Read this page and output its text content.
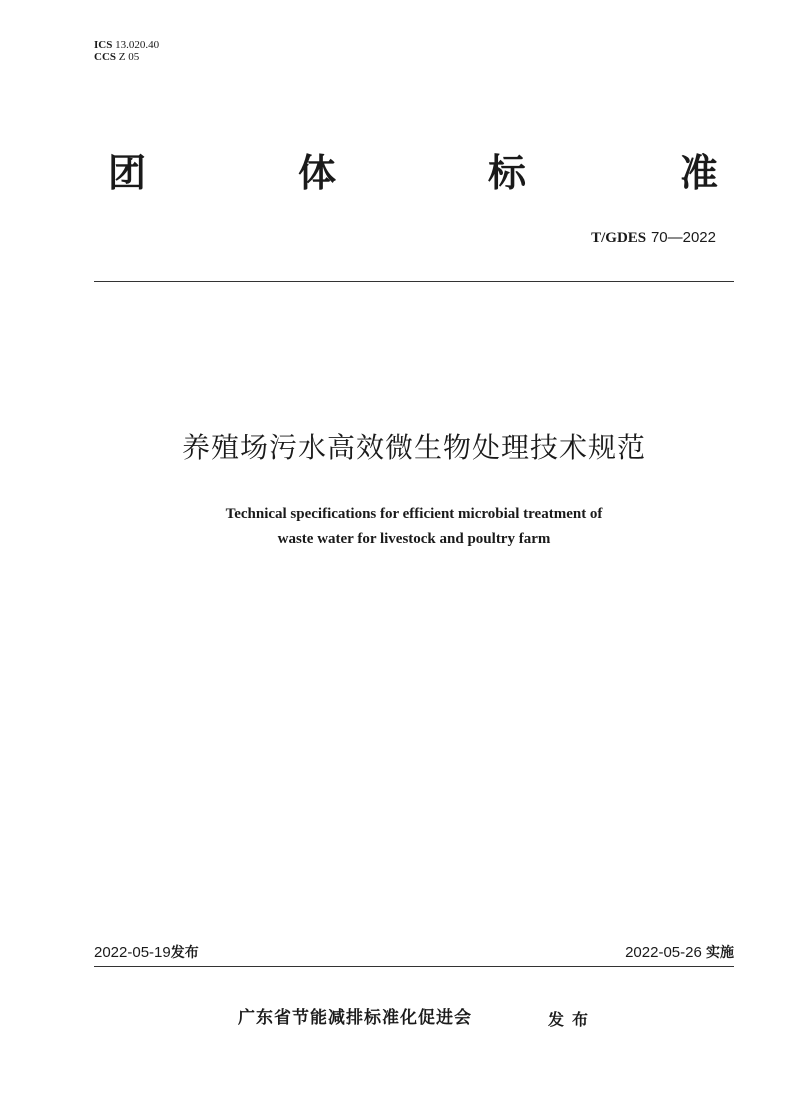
ICS 13.020.40
CCS Z 05
团	体	标	准
T/GDES 70—2022
养殖场污水高效微生物处理技术规范
Technical specifications for efficient microbial treatment of
waste water for livestock and poultry farm
2022-05-19发布	2022-05-26 实施
广东省节能减排标准化促进会	发布
